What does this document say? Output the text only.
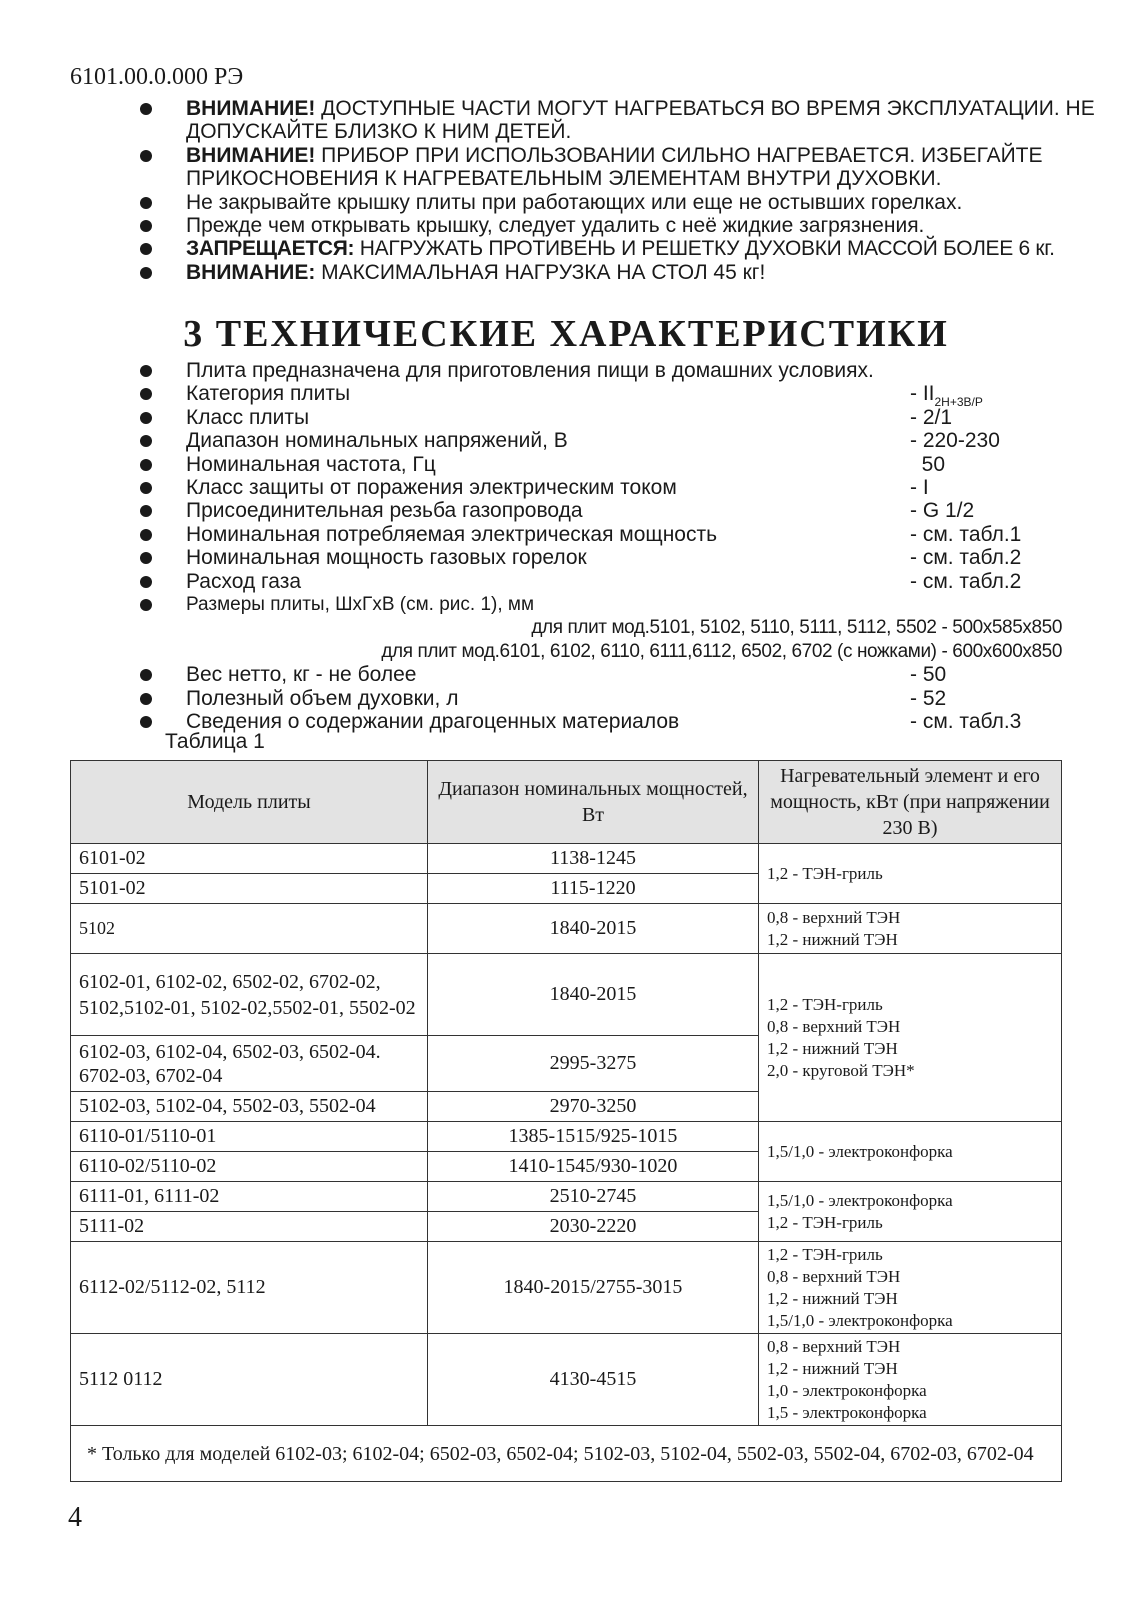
6101.00.0.000 РЭ
ВНИМАНИЕ! ДОСТУПНЫЕ ЧАСТИ МОГУТ НАГРЕВАТЬСЯ ВО ВРЕМЯ ЭКСПЛУАТАЦИИ. НЕ ДОПУСКАЙТЕ БЛИЗКО К НИМ ДЕТЕЙ.
ВНИМАНИЕ! ПРИБОР ПРИ ИСПОЛЬЗОВАНИИ СИЛЬНО НАГРЕВАЕТСЯ. ИЗБЕГАЙТЕ ПРИКОСНОВЕНИЯ К НАГРЕВАТЕЛЬНЫМ ЭЛЕМЕНТАМ ВНУТРИ ДУХОВКИ.
Не закрывайте крышку плиты при работающих или еще не остывших горелках.
Прежде чем открывать крышку, следует удалить с неё жидкие загрязнения.
ЗАПРЕЩАЕТСЯ: НАГРУЖАТЬ ПРОТИВЕНЬ И РЕШЕТКУ ДУХОВКИ МАССОЙ БОЛЕЕ 6 кг.
ВНИМАНИЕ: МАКСИМАЛЬНАЯ НАГРУЗКА НА СТОЛ 45 кг!
3 ТЕХНИЧЕСКИЕ ХАРАКТЕРИСТИКИ
Плита предназначена для приготовления пищи в домашних условиях.
Категория плиты	- $II_{2H+3B/P}$
Класс плиты	- 2/1
Диапазон номинальных напряжений, В	- 220-230
Номинальная частота, Гц	50
Класс защиты от поражения электрическим током	- I
Присоединительная резьба газопровода	- G 1/2
Номинальная потребляемая электрическая мощность	- см. табл.1
Номинальная мощность газовых горелок	- см. табл.2
Расход газа	- см. табл.2
Размеры плиты, ШхГхВ (см. рис. 1), мм
для плит мод.5101, 5102, 5110, 5111, 5112, 5502 - 500х585х850
для плит мод.6101, 6102, 6110, 6111,6112, 6502, 6702 (с ножками) - 600х600х850
Вес нетто, кг - не более	- 50
Полезный объем духовки, л	- 52
Сведения о содержании драгоценных материалов	- см. табл.3
Таблица 1
Модель плиты	Диапазон номинальных мощностей, Вт	Нагревательный элемент и его мощность, кВт (при напряжении 230 В)
6101-02	1138-1245	1,2 - ТЭН-гриль

5101-02	1115-1220	
5102	1840-2015	0,8 - верхний ТЭН
1,2 - нижний ТЭН

6102-01, 6102-02, 6502-02, 6702-02, 5102,5102-01, 5102-02,5502-01, 5502-02	1840-2015	1,2 - ТЭН-гриль
0,8 - верхний ТЭН
1,2 - нижний ТЭН
2,0 - круговой ТЭН*

6102-03, 6102-04, 6502-03, 6502-04. 6702-03, 6702-04	2995-3275	
5102-03, 5102-04, 5502-03, 5502-04	2970-3250	
6110-01/5110-01	1385-1515/925-1015	1,5/1,0 - электроконфорка

6110-02/5110-02	1410-1545/930-1020	
6111-01, 6111-02	2510-2745	1,5/1,0 - электроконфорка
1,2 - ТЭН-гриль

5111-02	2030-2220	
6112-02/5112-02, 5112	1840-2015/2755-3015	1,2 - ТЭН-гриль
0,8 - верхний ТЭН
1,2 - нижний ТЭН
1,5/1,0 - электроконфорка

5112 0112	4130-4515	0,8 - верхний ТЭН
1,2 - нижний ТЭН
1,0 - электроконфорка
1,5 - электроконфорка

* Только для моделей 6102-03; 6102-04; 6502-03, 6502-04; 5102-03, 5102-04, 5502-03, 5502-04, 6702-03, 6702-04		
4
